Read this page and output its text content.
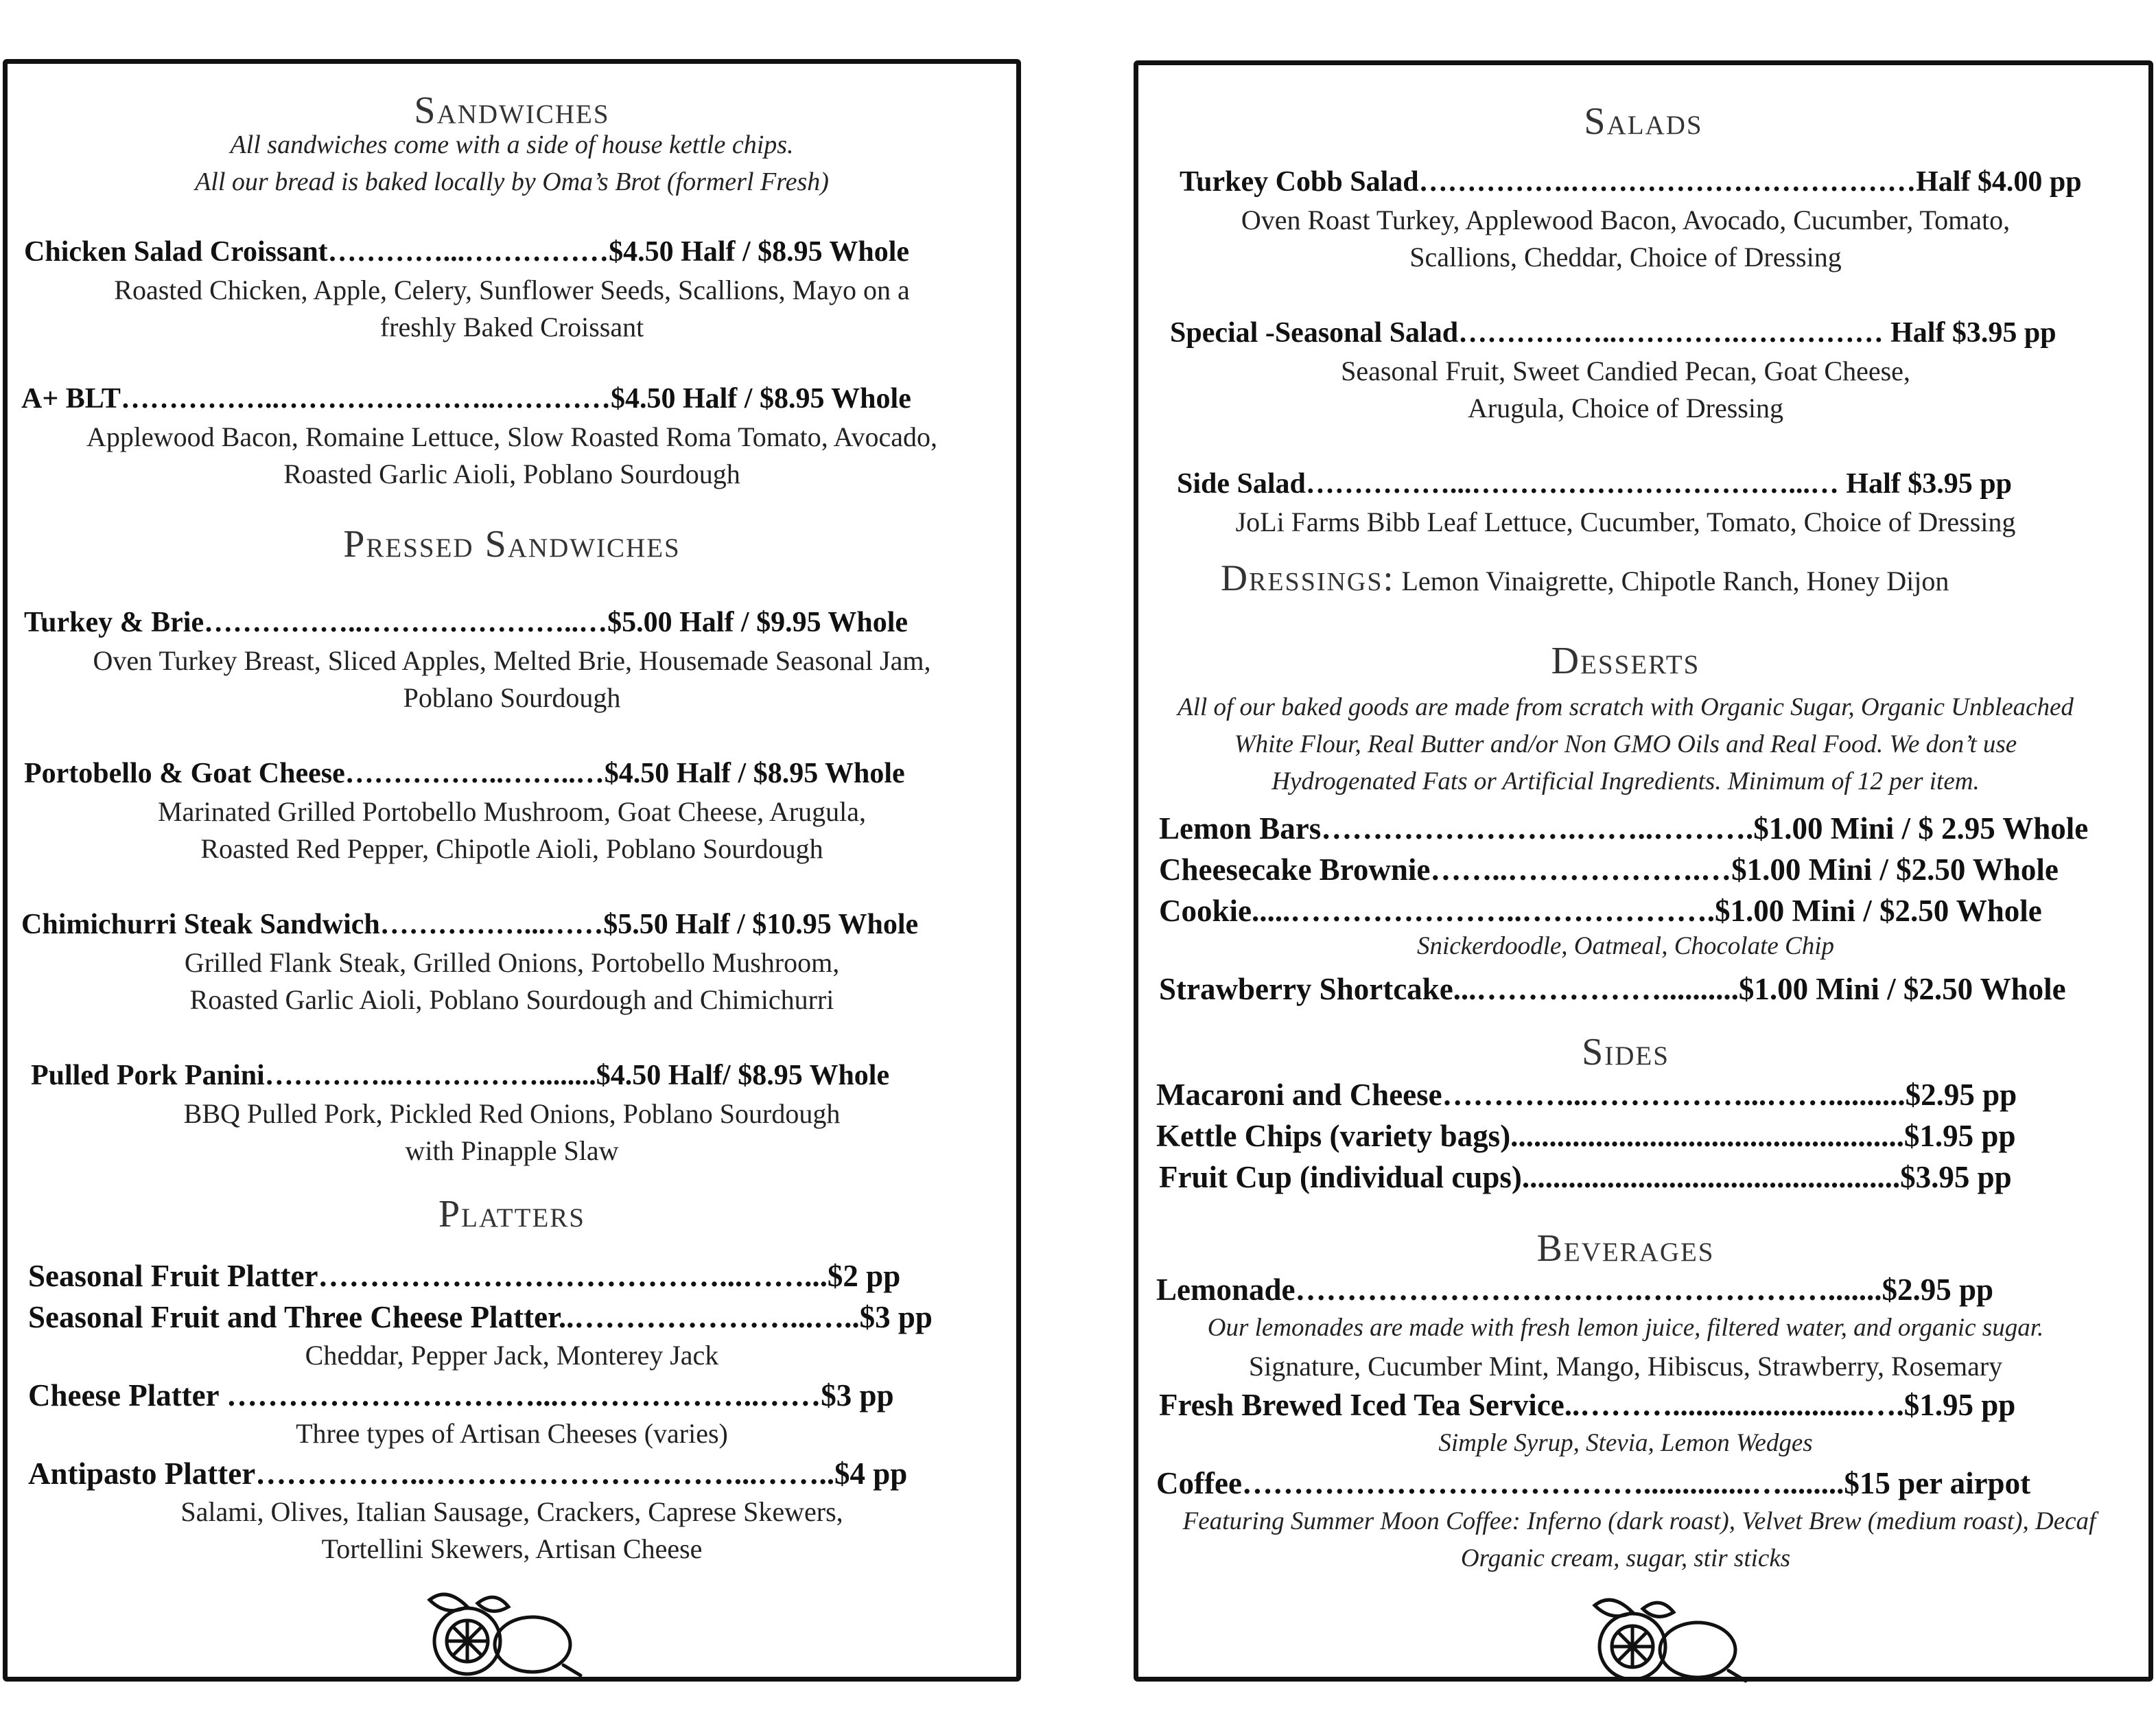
Sandwiches
All sandwiches come with a side of house kettle chips.
All our bread is baked locally by Oma’s Brot (formerl Fresh)
Chicken Salad Croissant…………...……………$4.50 Half / $8.95 Whole
Roasted Chicken, Apple, Celery, Sunflower Seeds, Scallions, Mayo on a
freshly Baked Croissant
A+ BLT……………..…………………..…………$4.50 Half / $8.95 Whole
Applewood Bacon, Romaine Lettuce, Slow Roasted Roma Tomato, Avocado,
Roasted Garlic Aioli, Poblano Sourdough
Pressed Sandwiches
Turkey & Brie……………..…………………..…$5.00 Half / $9.95 Whole
Oven Turkey Breast, Sliced Apples, Melted Brie, Housemade Seasonal Jam,
Poblano Sourdough
Portobello & Goat Cheese……………..……..…$4.50 Half / $8.95 Whole
Marinated Grilled Portobello Mushroom, Goat Cheese, Arugula,
Roasted Red Pepper, Chipotle Aioli, Poblano Sourdough
Chimichurri Steak Sandwich……………...……$5.50 Half / $10.95 Whole
Grilled Flank Steak, Grilled Onions, Portobello Mushroom,
Roasted Garlic Aioli, Poblano Sourdough and Chimichurri
Pulled Pork Panini…………..……………........$4.50 Half/ $8.95 Whole
BBQ Pulled Pork, Pickled Red Onions, Poblano Sourdough
with Pinapple Slaw
Platters
Seasonal Fruit Platter…………………………………...……...$2 pp
Seasonal Fruit and Three Cheese Platter..…………………...…..$3 pp
Cheddar, Pepper Jack, Monterey Jack
Cheese Platter …………………………...………………..……$3 pp
Three types of Artisan Cheeses (varies)
Antipasto Platter……………..…………………………...……..$4 pp
Salami, Olives, Italian Sausage, Crackers, Caprese Skewers,
Tortellini Skewers, Artisan Cheese
Salads
Turkey Cobb Salad…………….………………………………Half $4.00 pp
Oven Roast Turkey, Applewood Bacon, Avocado, Cucumber, Tomato,
Scallions, Cheddar, Choice of Dressing
Special -Seasonal Salad……………..………….…………… Half $3.95 pp
Seasonal Fruit, Sweet Candied Pecan, Goat Cheese,
Arugula, Choice of Dressing
Side Salad……………...……………………………...… Half $3.95 pp
JoLi Farms Bibb Leaf Lettuce, Cucumber, Tomato, Choice of Dressing
Dressings: Lemon Vinaigrette, Chipotle Ranch, Honey Dijon
Desserts
All of our baked goods are made from scratch with Organic Sugar, Organic Unbleached
White Flour, Real Butter and/or Non GMO Oils and Real Food. We don’t use
Hydrogenated Fats or Artificial Ingredients. Minimum of 12 per item.
Lemon Bars…………………….……..……….$1.00 Mini / $ 2.95 Whole
Cheesecake Brownie……..……………….…$1.00 Mini / $2.50 Whole
Cookie.....…………………..……………….$1.00 Mini / $2.50 Whole
Snickerdoodle, Oatmeal, Chocolate Chip
Strawberry Shortcake...………………..........$1.00 Mini / $2.50 Whole
Sides
Macaroni and Cheese…………...……………...……..........$2.95 pp
Kettle Chips (variety bags)...................................................$1.95 pp
Fruit Cup (individual cups).................................................$3.95 pp
Beverages
Lemonade…………………………….……………….......$2.95 pp
Our lemonades are made with fresh lemon juice, filtered water, and organic sugar.
Signature, Cucumber Mint, Mango, Hibiscus, Strawberry, Rosemary
Fresh Brewed Iced Tea Service..……….........................….$1.95 pp
Simple Syrup, Stevia, Lemon Wedges
Coffee…………………………………..............…........$15 per airpot
Featuring Summer Moon Coffee: Inferno (dark roast), Velvet Brew (medium roast), Decaf
Organic cream, sugar, stir sticks
